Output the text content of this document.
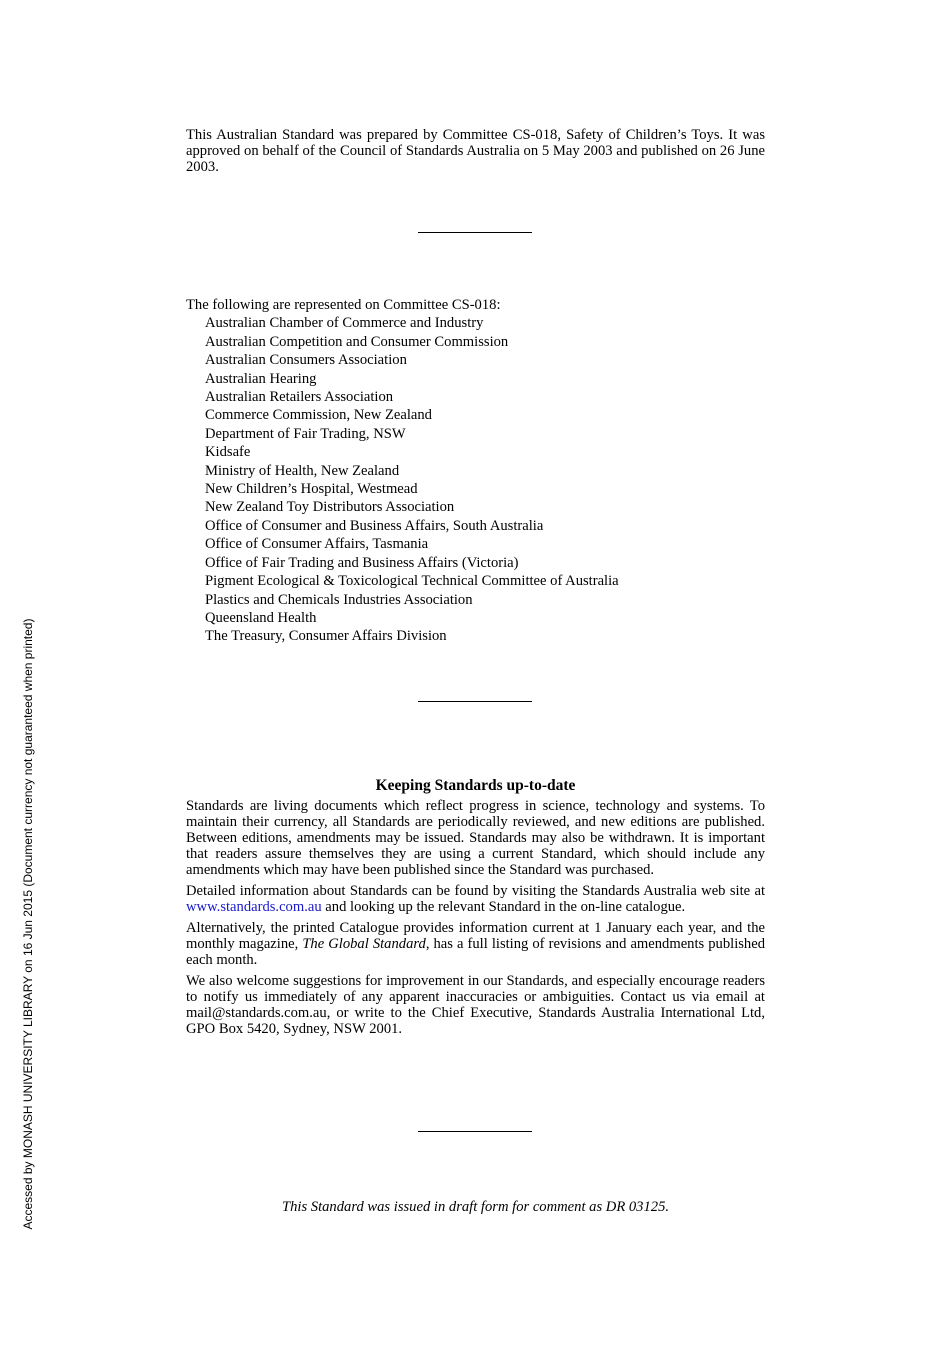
Accessed by MONASH UNIVERSITY LIBRARY on 16 Jun 2015 (Document currency not guaranteed when printed)

This Australian Standard was prepared by Committee CS-018, Safety of Children’s Toys. It was approved on behalf of the Council of Standards Australia on 5 May 2003 and published on 26 June 2003.

The following are represented on Committee CS-018:
Australian Chamber of Commerce and Industry
Australian Competition and Consumer Commission
Australian Consumers Association
Australian Hearing
Australian Retailers Association
Commerce Commission, New Zealand
Department of Fair Trading, NSW
Kidsafe
Ministry of Health, New Zealand
New Children’s Hospital, Westmead
New Zealand Toy Distributors Association
Office of Consumer and Business Affairs, South Australia
Office of Consumer Affairs, Tasmania
Office of Fair Trading and Business Affairs (Victoria)
Pigment Ecological & Toxicological Technical Committee of Australia
Plastics and Chemicals Industries Association
Queensland Health
The Treasury, Consumer Affairs Division
Keeping Standards up-to-date

Standards are living documents which reflect progress in science, technology and systems. To maintain their currency, all Standards are periodically reviewed, and new editions are published. Between editions, amendments may be issued. Standards may also be withdrawn. It is important that readers assure themselves they are using a current Standard, which should include any amendments which may have been published since the Standard was purchased.

Detailed information about Standards can be found by visiting the Standards Australia web site at www.standards.com.au and looking up the relevant Standard in the on-line catalogue.

Alternatively, the printed Catalogue provides information current at 1 January each year, and the monthly magazine, The Global Standard, has a full listing of revisions and amendments published each month.

We also welcome suggestions for improvement in our Standards, and especially encourage readers to notify us immediately of any apparent inaccuracies or ambiguities. Contact us via email at mail@standards.com.au, or write to the Chief Executive, Standards Australia International Ltd, GPO Box 5420, Sydney, NSW 2001.

This Standard was issued in draft form for comment as DR 03125.
